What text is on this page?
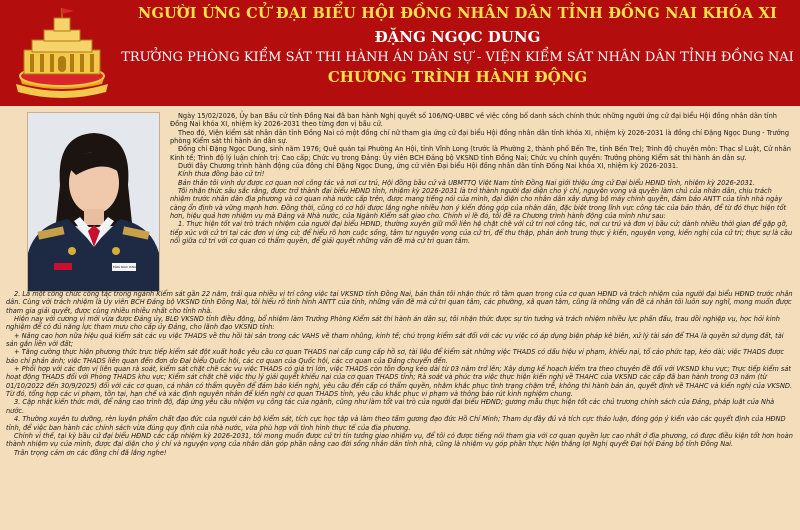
NGƯỜI ỨNG CỬ ĐẠI BIỂU HỘI ĐỒNG NHÂN DÂN TỈNH ĐỒNG NAI KHÓA XI
ĐẶNG NGỌC DUNG
TRƯỞNG PHÒNG KIỂM SÁT THI HÀNH ÁN DÂN SỰ - VIỆN KIỂM SÁT NHÂN DÂN TỈNH ĐỒNG NAI
CHƯƠNG TRÌNH HÀNH ĐỘNG
ĐẶNG NGỌC DUNG

Ngày 15/02/2026, Ủy ban Bầu cử tỉnh Đồng Nai đã ban hành Nghị quyết số 106/NQ-UBBC về việc công bố danh sách chính thức những người ứng cử đại biểu Hội đồng nhân dân tỉnh Đồng Nai khóa XI, nhiệm kỳ 2026-2031 theo từng đơn vị bầu cử.

Theo đó, Viện kiểm sát nhân dân tỉnh Đồng Nai có một đồng chí nữ tham gia ứng cử đại biểu Hội đồng nhân dân tỉnh khóa XI, nhiệm kỳ 2026-2031 là đồng chí Đặng Ngọc Dung - Trưởng phòng Kiểm sát thi hành án dân sự.

Đồng chí Đặng Ngọc Dung, sinh năm 1976; Quê quán tại Phường An Hội, tỉnh Vĩnh Long (trước là Phường 2, thành phố Bến Tre, tỉnh Bến Tre); Trình độ chuyên môn: Thạc sĩ Luật, Cử nhân Kinh tế; Trình độ lý luận chính trị: Cao cấp; Chức vụ trong Đảng: Ủy viên BCH Đảng bộ VKSND tỉnh Đồng Nai; Chức vụ chính quyền: Trưởng phòng Kiểm sát thi hành án dân sự.

Dưới đây Chương trình hành động của đồng chí Đặng Ngọc Dung, ứng cử viên Đại biểu Hội đồng nhân dân tỉnh Đồng Nai khóa XI, nhiệm kỳ 2026-2031.

Kính thưa đồng bào cử tri!

Bản thân tôi vinh dự được cơ quan nơi công tác và nơi cư trú, Hội đồng bầu cử và UBMTTQ Việt Nam tỉnh Đồng Nai giới thiệu ứng cử Đại biểu HĐND tỉnh, nhiệm kỳ 2026-2031.

Tôi nhận thức sâu sắc rằng, được trở thành đại biểu HĐND tỉnh, nhiệm kỳ 2026-2031 là trở thành người đại diện cho ý chí, nguyện vọng và quyền làm chủ của nhân dân, chịu trách nhiệm trước nhân dân địa phương và cơ quan nhà nước cấp trên, được mang tiếng nói của mình, đại diện cho nhân dân xây dựng bộ máy chính quyền, đảm bảo ANTT của tỉnh nhà ngày càng ổn định và vững mạnh hơn. Đồng thời, cũng có cơ hội được lắng nghe nhiều hơn ý kiến đóng góp của nhân dân, đặc biệt trong lĩnh vực công tác của bản thân, để từ đó thực hiện tốt hơn, hiệu quả hơn nhiệm vụ mà Đảng và Nhà nước, của Ngành Kiểm sát giao cho. Chính vì lẽ đó, tôi đề ra Chương trình hành động của mình như sau:

1. Thực hiện tốt vai trò trách nhiệm của người đại biểu HĐND, thường xuyên giữ mối liên hệ chặt chẽ với cử tri nơi công tác, nơi cư trú và đơn vị bầu cử; dành nhiều thời gian để gặp gỡ, tiếp xúc với cử tri tại các đơn vị ứng cử; để hiểu rõ hơn cuộc sống, tâm tư nguyện vọng của cử tri, để thu thập, phản ánh trung thực ý kiến, nguyện vọng, kiến nghị của cử tri; thực sự là cầu nối giữa cử tri với cơ quan có thẩm quyền, để giải quyết những vấn đề mà cử tri quan tâm.

2. Là một công chức công tác trong ngành Kiểm sát gần 22 năm, trải qua nhiều vị trí công việc tại VKSND tỉnh Đồng Nai, bản thân tôi nhận thức rõ tầm quan trọng của cơ quan HĐND và trách nhiệm của người đại biểu HĐND trước nhân dân. Cùng với trách nhiệm là Ủy viên BCH Đảng bộ VKSND tỉnh Đồng Nai, tôi hiểu rõ tình hình ANTT của tỉnh, những vấn đề mà cử tri quan tâm, các phường, xã quan tâm, cũng là những vấn đề cá nhân tôi luôn suy nghĩ, mong muốn được tham gia giải quyết, được cùng nhiều nhiều nhất cho tỉnh nhà.

Hiện nay với cương vị mới vừa được Đảng ủy, BLĐ VKSND tỉnh điều động, bổ nhiệm làm Trưởng Phòng Kiểm sát thi hành án dân sự, tôi nhận thức được sự tin tưởng và trách nhiệm nhiều lực phấn đấu, trau dồi nghiệp vụ, học hỏi kinh nghiệm để có đủ năng lực tham mưu cho cấp ủy Đảng, cho lãnh đạo VKSND tỉnh:

+ Nâng cao hơn nữa hiệu quả kiểm sát các vụ việc THADS về thu hồi tài sản trong các VAHS về tham nhũng, kinh tế; chú trọng kiểm sát đối với các vụ việc có áp dụng biện pháp kê biên, xử lý tài sản để THA là quyền sử dụng đất, tài sản gắn liền với đất;

+ Tăng cường thực hiện phương thức trực tiếp kiểm sát đột xuất hoặc yêu cầu cơ quan THADS nai cấp cung cấp hồ sơ, tài liệu để kiểm sát những việc THADS có dấu hiệu vi phạm, khiếu nại, tố cáo phức tạp, kéo dài; việc THADS được báo chí phản ánh; việc THADS liên quan đến đơn do Đại biểu Quốc hội, các cơ quan của Quốc hội, các cơ quan của Đảng chuyển đến.

+ Phối hợp với các đơn vị liên quan rà soát, kiểm sát chặt chẽ các vụ việc THADS có giá trị lớn, việc THADS còn tồn đọng kéo dài từ 03 năm trở lên; Xây dựng kế hoạch kiểm tra theo chuyên đề đối với VKSND khu vực; Trực tiếp kiểm sát hoạt động THADS đối với Phòng THADS khu vực; Kiểm sát chặt chẽ việc thụ lý giải quyết khiếu nại của cơ quan THADS tỉnh; Rà soát và phúc tra việc thực hiện kiến nghị về THAHC của VKSND các cấp đã ban hành trong 03 năm (từ 01/10/2022 đến 30/9/2025) đối với các cơ quan, cá nhân có thẩm quyền để đảm bảo kiến nghị, yêu cầu đến cấp có thẩm quyền, nhằm khắc phục tình trạng chậm trễ, không thi hành bản án, quyết định về THAHC và kiến nghị của VKSND. Từ đó, tổng hợp các vi phạm, tồn tại, hạn chế và xác định nguyên nhân để kiến nghị cơ quan THADS tỉnh, yêu cầu khắc phục vi phạm và thông báo rút kinh nghiệm chung.

3. Cập nhật kiến thức mới, để nâng cao trình độ, đáp ứng yêu cầu nhiệm vụ công tác của ngành, cũng như làm tốt vai trò của người đại biểu HĐND; gương mẫu thực hiện tốt các chủ trương chính sách của Đảng, pháp luật của Nhà nước.

4. Thường xuyên tu dưỡng, rèn luyện phẩm chất đạo đức của người cán bộ kiểm sát, tích cực học tập và làm theo tấm gương đạo đức Hồ Chí Minh; Tham dự đầy đủ và tích cực thảo luận, đóng góp ý kiến vào các quyết định của HĐND tỉnh, để việc ban hành các chính sách vừa đúng quy định của nhà nước, vừa phù hợp với tình hình thực tế của địa phương.

Chính vì thế, tại kỳ bầu cử đại biểu HĐND các cấp nhiệm kỳ 2026-2031, tôi mong muốn được cử tri tín tưởng giao nhiệm vụ, để tôi có được tiếng nói tham gia với cơ quan quyền lực cao nhất ở địa phương, có được điều kiện tốt hơn hoàn thành nhiệm vụ của mình, được đại diện cho ý chí và nguyện vọng của nhân dân góp phần nâng cao đời sống nhân dân tỉnh nhà, cũng là nhiệm vụ góp phần thực hiện thắng lợi Nghị quyết Đại hội Đảng bộ tỉnh Đồng Nai.

Trân trọng cảm ơn các đồng chí đã lắng nghe!
